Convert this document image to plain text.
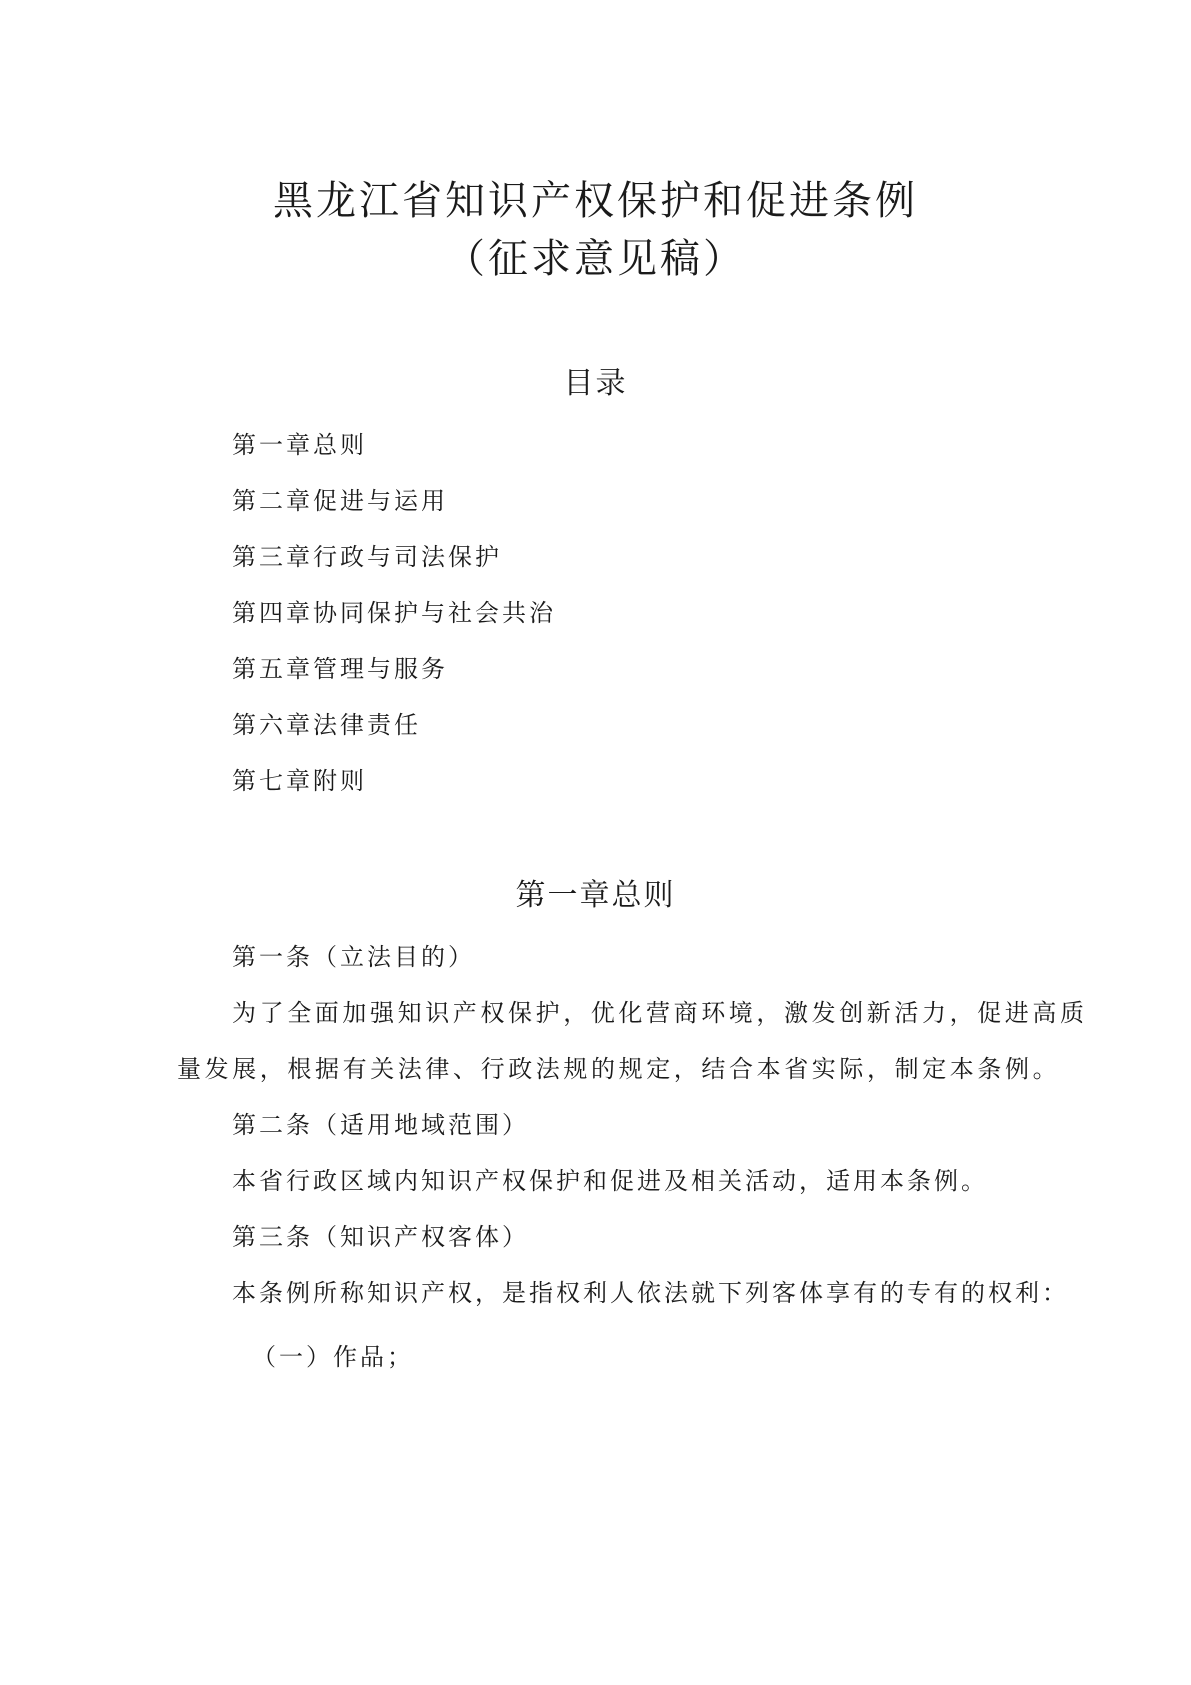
黑龙江省知识产权保护和促进条例
（征求意见稿）
目录

第一章总则

第二章促进与运用

第三章行政与司法保护

第四章协同保护与社会共治

第五章管理与服务

第六章法律责任

第七章附则

第一章总则

第一条（立法目的）

为了全面加强知识产权保护，优化营商环境，激发创新活力，促进高质

量发展，根据有关法律、行政法规的规定，结合本省实际，制定本条例。

第二条（适用地域范围）

本省行政区域内知识产权保护和促进及相关活动，适用本条例。

第三条（知识产权客体）

本条例所称知识产权，是指权利人依法就下列客体享有的专有的权利：

（一）作品；
